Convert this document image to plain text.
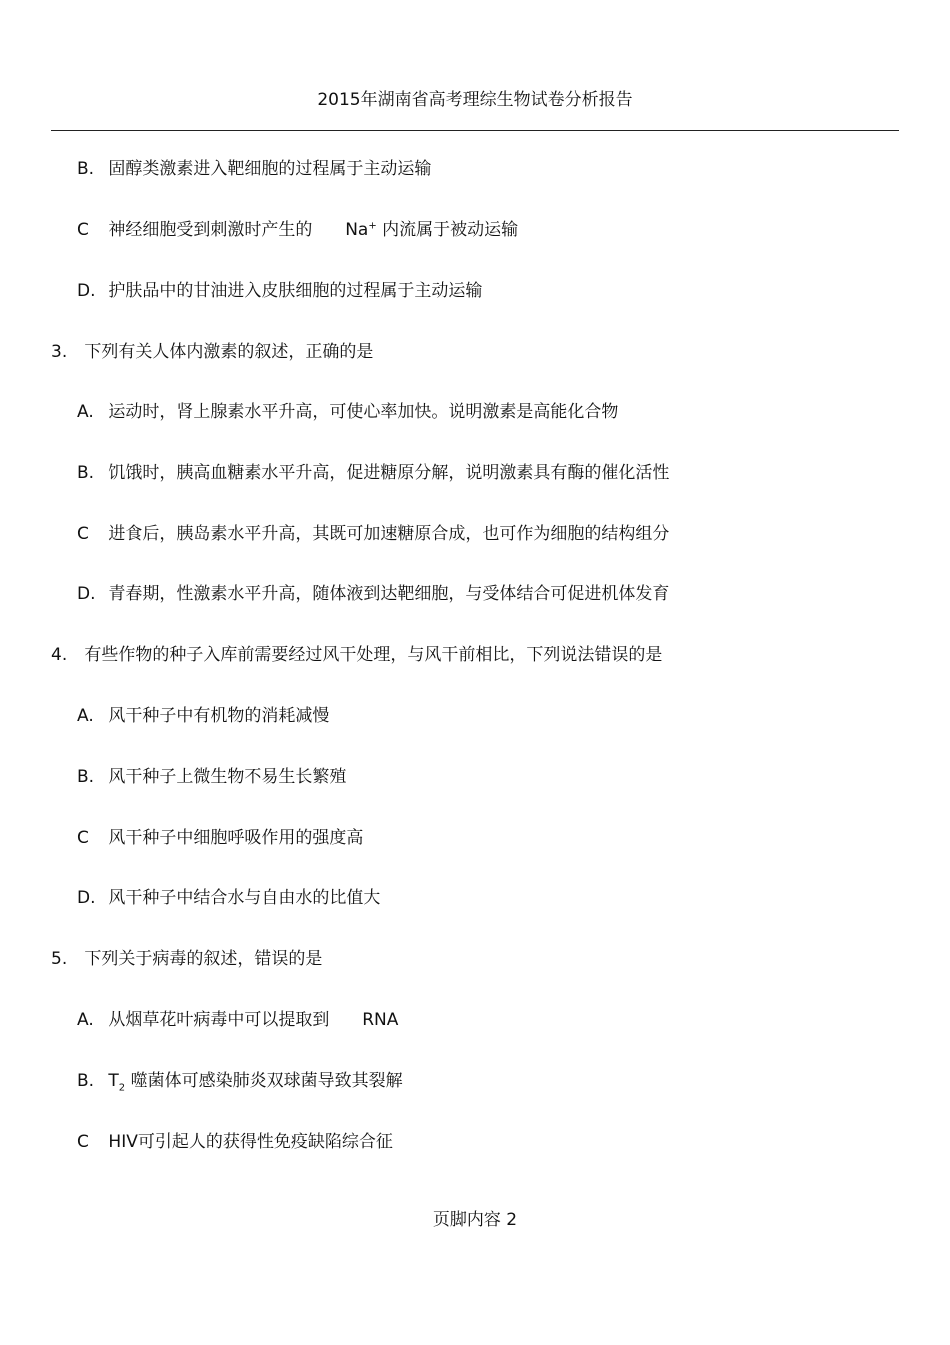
2015年湖南省高考理综生物试卷分析报告
B. 固醇类激素进入靶细胞的过程属于主动运输
C 神经细胞受到刺激时产生的 Na+ 内流属于被动运输
D. 护肤品中的甘油进入皮肤细胞的过程属于主动运输
3. 下列有关人体内激素的叙述，正确的是
A. 运动时，肾上腺素水平升高，可使心率加快。说明激素是高能化合物
B. 饥饿时，胰高血糖素水平升高，促进糖原分解，说明激素具有酶的催化活性
C 进食后，胰岛素水平升高，其既可加速糖原合成，也可作为细胞的结构组分
D. 青春期，性激素水平升高，随体液到达靶细胞，与受体结合可促进机体发育
4. 有些作物的种子入库前需要经过风干处理，与风干前相比，下列说法错误的是
A. 风干种子中有机物的消耗减慢
B. 风干种子上微生物不易生长繁殖
C 风干种子中细胞呼吸作用的强度高
D. 风干种子中结合水与自由水的比值大
5. 下列关于病毒的叙述，错误的是
A. 从烟草花叶病毒中可以提取到 RNA
B. $T_2$ 噬菌体可感染肺炎双球菌导致其裂解
C HIV可引起人的获得性免疫缺陷综合征
页脚内容 2
